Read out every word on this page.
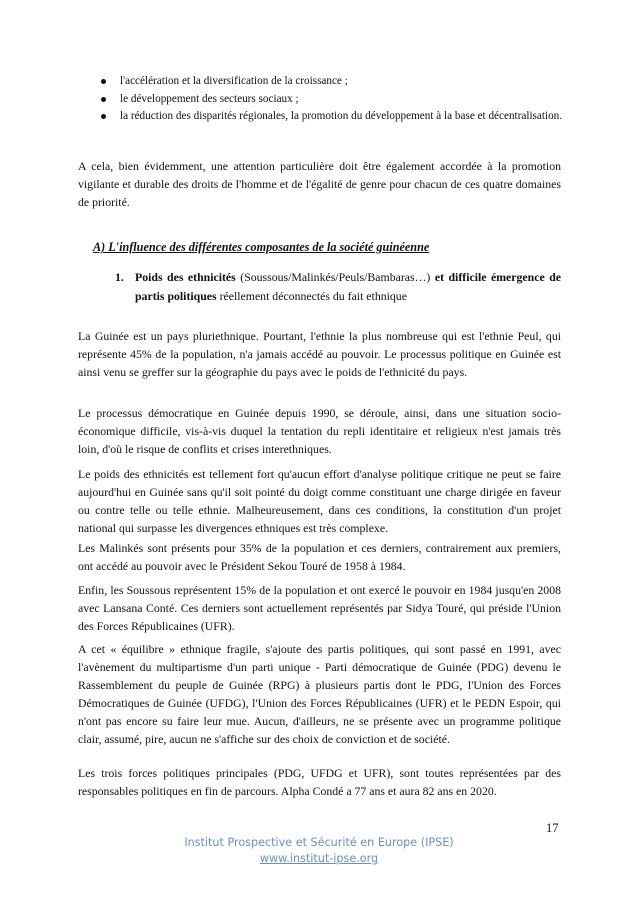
l'accélération et la diversification de la croissance ;
le développement des secteurs sociaux ;
la réduction des disparités régionales, la promotion du développement à la base et décentralisation.

A cela, bien évidemment, une attention particulière doit être également accordée à la promotion vigilante et durable des droits de l'homme et de l'égalité de genre pour chacun de ces quatre domaines de priorité.

A) L'influence des différentes composantes de la société guinéenne

1. Poids des ethnicités (Soussous/Malinkés/Peuls/Bambaras…) et difficile émergence de partis politiques réellement déconnectés du fait ethnique

La Guinée est un pays pluriethnique. Pourtant, l'ethnie la plus nombreuse qui est l'ethnie Peul, qui représente 45% de la population, n'a jamais accédé au pouvoir. Le processus politique en Guinée est ainsi venu se greffer sur la géographie du pays avec le poids de l'ethnicité du pays.

Le processus démocratique en Guinée depuis 1990, se déroule, ainsi, dans une situation socio-économique difficile, vis-à-vis duquel la tentation du repli identitaire et religieux n'est jamais très loin, d'où le risque de conflits et crises interethniques.

Le poids des ethnicités est tellement fort qu'aucun effort d'analyse politique critique ne peut se faire aujourd'hui en Guinée sans qu'il soit pointé du doigt comme constituant une charge dirigée en faveur ou contre telle ou telle ethnie. Malheureusement, dans ces conditions, la constitution d'un projet national qui surpasse les divergences ethniques est très complexe.

Les Malinkés sont présents pour 35% de la population et ces derniers, contrairement aux premiers, ont accédé au pouvoir avec le Président Sekou Touré de 1958 à 1984.

Enfin, les Soussous représentent 15% de la population et ont exercé le pouvoir en 1984 jusqu'en 2008 avec Lansana Conté. Ces derniers sont actuellement représentés par Sidya Touré, qui préside l'Union des Forces Républicaines (UFR).

A cet « équilibre » ethnique fragile, s'ajoute des partis politiques, qui sont passé en 1991, avec l'avènement du multipartisme d'un parti unique - Parti démocratique de Guinée (PDG) devenu le Rassemblement du peuple de Guinée (RPG) à plusieurs partis dont le PDG, l'Union des Forces Démocratiques de Guinée (UFDG), l'Union des Forces Républicaines (UFR) et le PEDN Espoir, qui n'ont pas encore su faire leur mue. Aucun, d'ailleurs, ne se présente avec un programme politique clair, assumé, pire, aucun ne s'affiche sur des choix de conviction et de société.

Les trois forces politiques principales (PDG, UFDG et UFR), sont toutes représentées par des responsables politiques en fin de parcours. Alpha Condé a 77 ans et aura 82 ans en 2020.

17

Institut Prospective et Sécurité en Europe (IPSE)

www.institut-ipse.org
